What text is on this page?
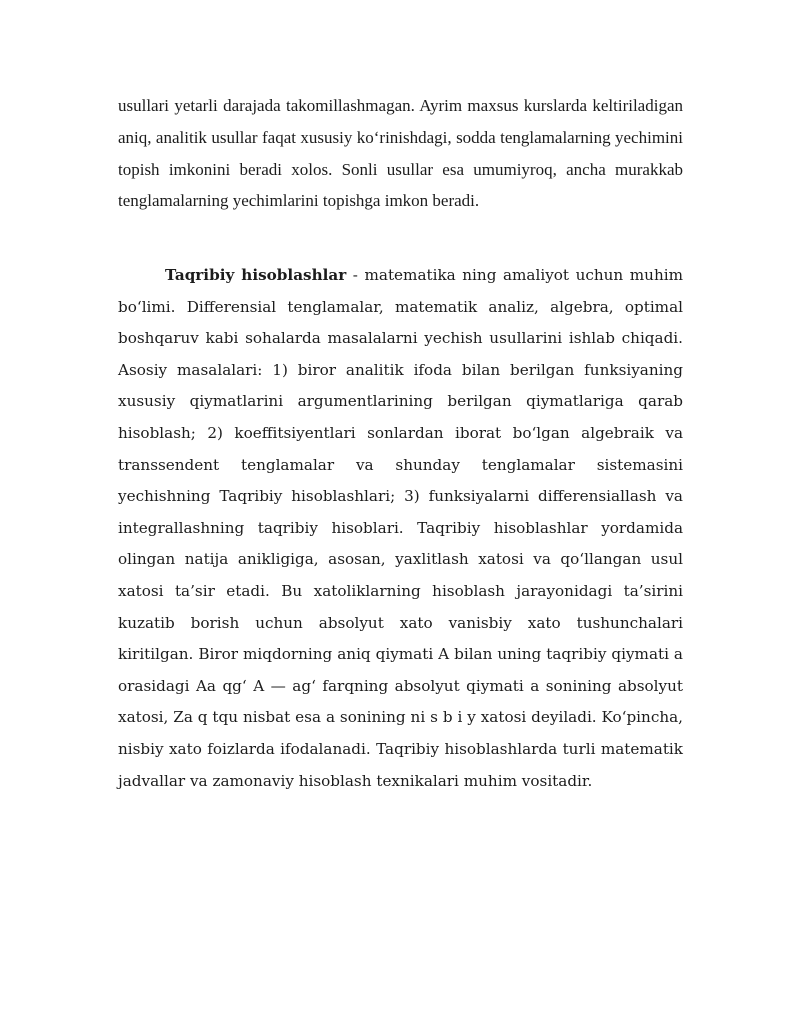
usullari yetarli darajada takomillashmagan. Ayrim maxsus kurslarda keltiriladigan aniq, analitik usullar faqat xususiy ko‘rinishdagi, sodda tenglamalarning yechimini topish imkonini beradi xolos. Sonli usullar esa umumiyroq, ancha murakkab tenglamalarning yechimlarini topishga imkon beradi.

Taqribiy hisoblashlar - matematika ning amaliyot uchun muhim bo‘limi. Differensial tenglamalar, matematik analiz, algebra, optimal boshqaruv kabi sohalarda masalalarni yechish usullarini ishlab chiqadi. Asosiy masalalari: 1) biror analitik ifoda bilan berilgan funksiyaning xususiy qiymatlarini argumentlarining berilgan qiymatlariga qarab hisoblash; 2) koeffitsiyentlari sonlardan iborat bo‘lgan algebraik va transsendent tenglamalar va shunday tenglamalar sistemasini yechishning Taqribiy hisoblashlari; 3) funksiyalarni differensiallash va integrallashning taqribiy hisoblari. Taqribiy hisoblashlar yordamida olingan natija anikligiga, asosan, yaxlitlash xatosi va qo‘llangan usul xatosi ta’sir etadi. Bu xatoliklarning hisoblash jarayonidagi ta’sirini kuzatib borish uchun absolyut xato vanisbiy xato tushunchalari kiritilgan. Biror miqdorning aniq qiymati A bilan uning taqribiy qiymati a orasidagi Aa qg‘ A — ag‘ farqning absolyut qiymati a sonining absolyut xatosi, Za q tqu nisbat esa a sonining ni s b i y xatosi deyiladi. Ko‘pincha, nisbiy xato foizlarda ifodalanadi. Taqribiy hisoblashlarda turli matematik jadvallar va zamonaviy hisoblash texnikalari muhim vositadir.
